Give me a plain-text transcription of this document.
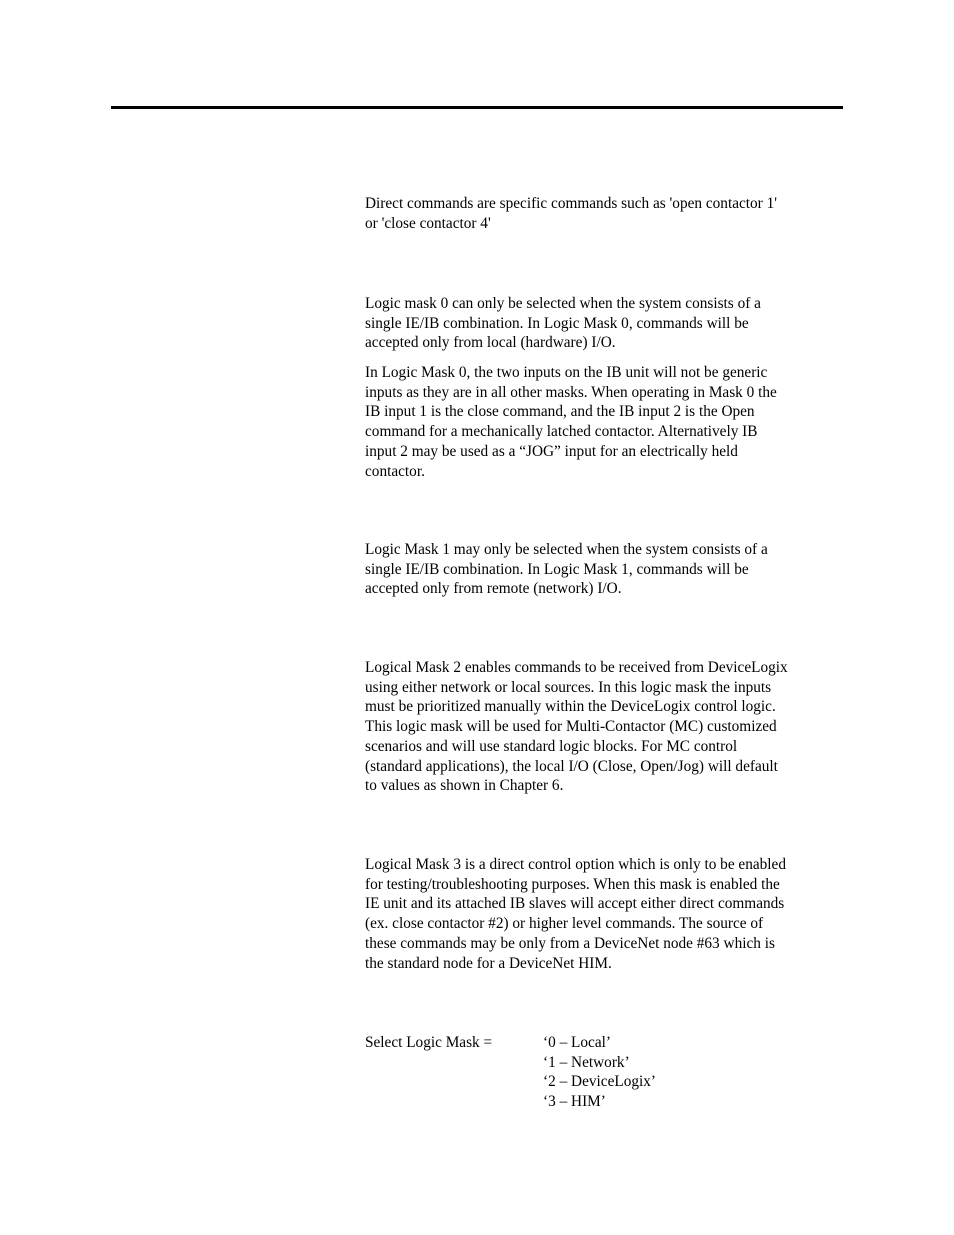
Direct commands are specific commands such as 'open contactor 1'
or 'close contactor 4'

Logic mask 0 can only be selected when the system consists of a
single IE/IB combination. In Logic Mask 0, commands will be
accepted only from local (hardware) I/O.

In Logic Mask 0, the two inputs on the IB unit will not be generic
inputs as they are in all other masks. When operating in Mask 0 the
IB input 1 is the close command, and the IB input 2 is the Open
command for a mechanically latched contactor. Alternatively IB
input 2 may be used as a “JOG” input for an electrically held
contactor.

Logic Mask 1 may only be selected when the system consists of a
single IE/IB combination. In Logic Mask 1, commands will be
accepted only from remote (network) I/O.

Logical Mask 2 enables commands to be received from DeviceLogix
using either network or local sources. In this logic mask the inputs
must be prioritized manually within the DeviceLogix control logic.
This logic mask will be used for Multi-Contactor (MC) customized
scenarios and will use standard logic blocks. For MC control
(standard applications), the local I/O (Close, Open/Jog) will default
to values as shown in Chapter 6.

Logical Mask 3 is a direct control option which is only to be enabled
for testing/troubleshooting purposes. When this mask is enabled the
IE unit and its attached IB slaves will accept either direct commands
(ex. close contactor #2) or higher level commands. The source of
these commands may be only from a DeviceNet node #63 which is
the standard node for a DeviceNet HIM.

Select Logic Mask =	‘0 – Local’
‘1 – Network’
‘2 – DeviceLogix’
‘3 – HIM’
